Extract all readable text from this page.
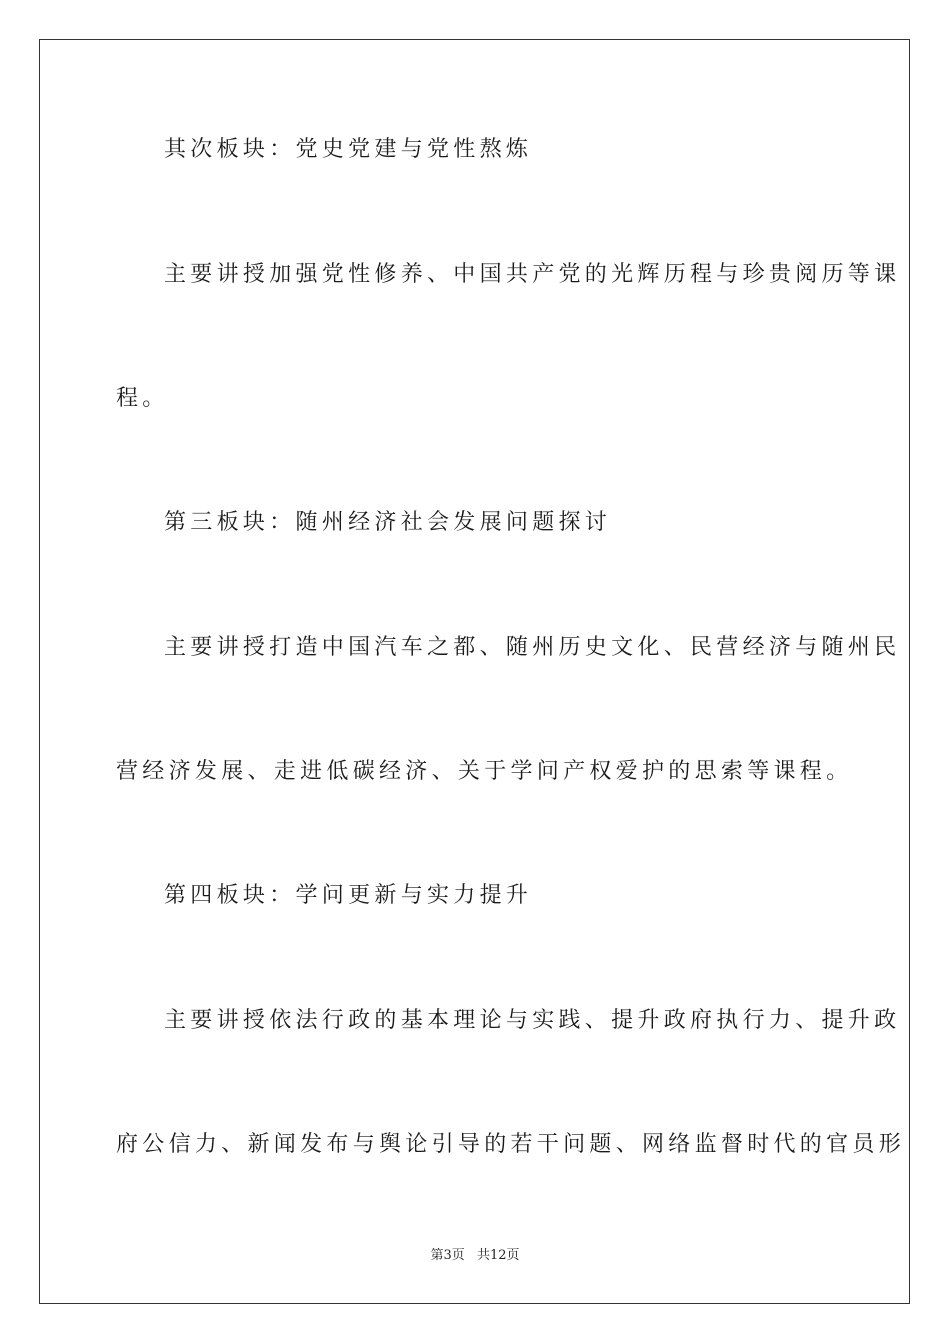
其次板块：党史党建与党性熬炼
主要讲授加强党性修养、中国共产党的光辉历程与珍贵阅历等课
程。
第三板块：随州经济社会发展问题探讨
主要讲授打造中国汽车之都、随州历史文化、民营经济与随州民
营经济发展、走进低碳经济、关于学问产权爱护的思索等课程。
第四板块：学问更新与实力提升
主要讲授依法行政的基本理论与实践、提升政府执行力、提升政
府公信力、新闻发布与舆论引导的若干问题、网络监督时代的官员形
第3页 共12页
